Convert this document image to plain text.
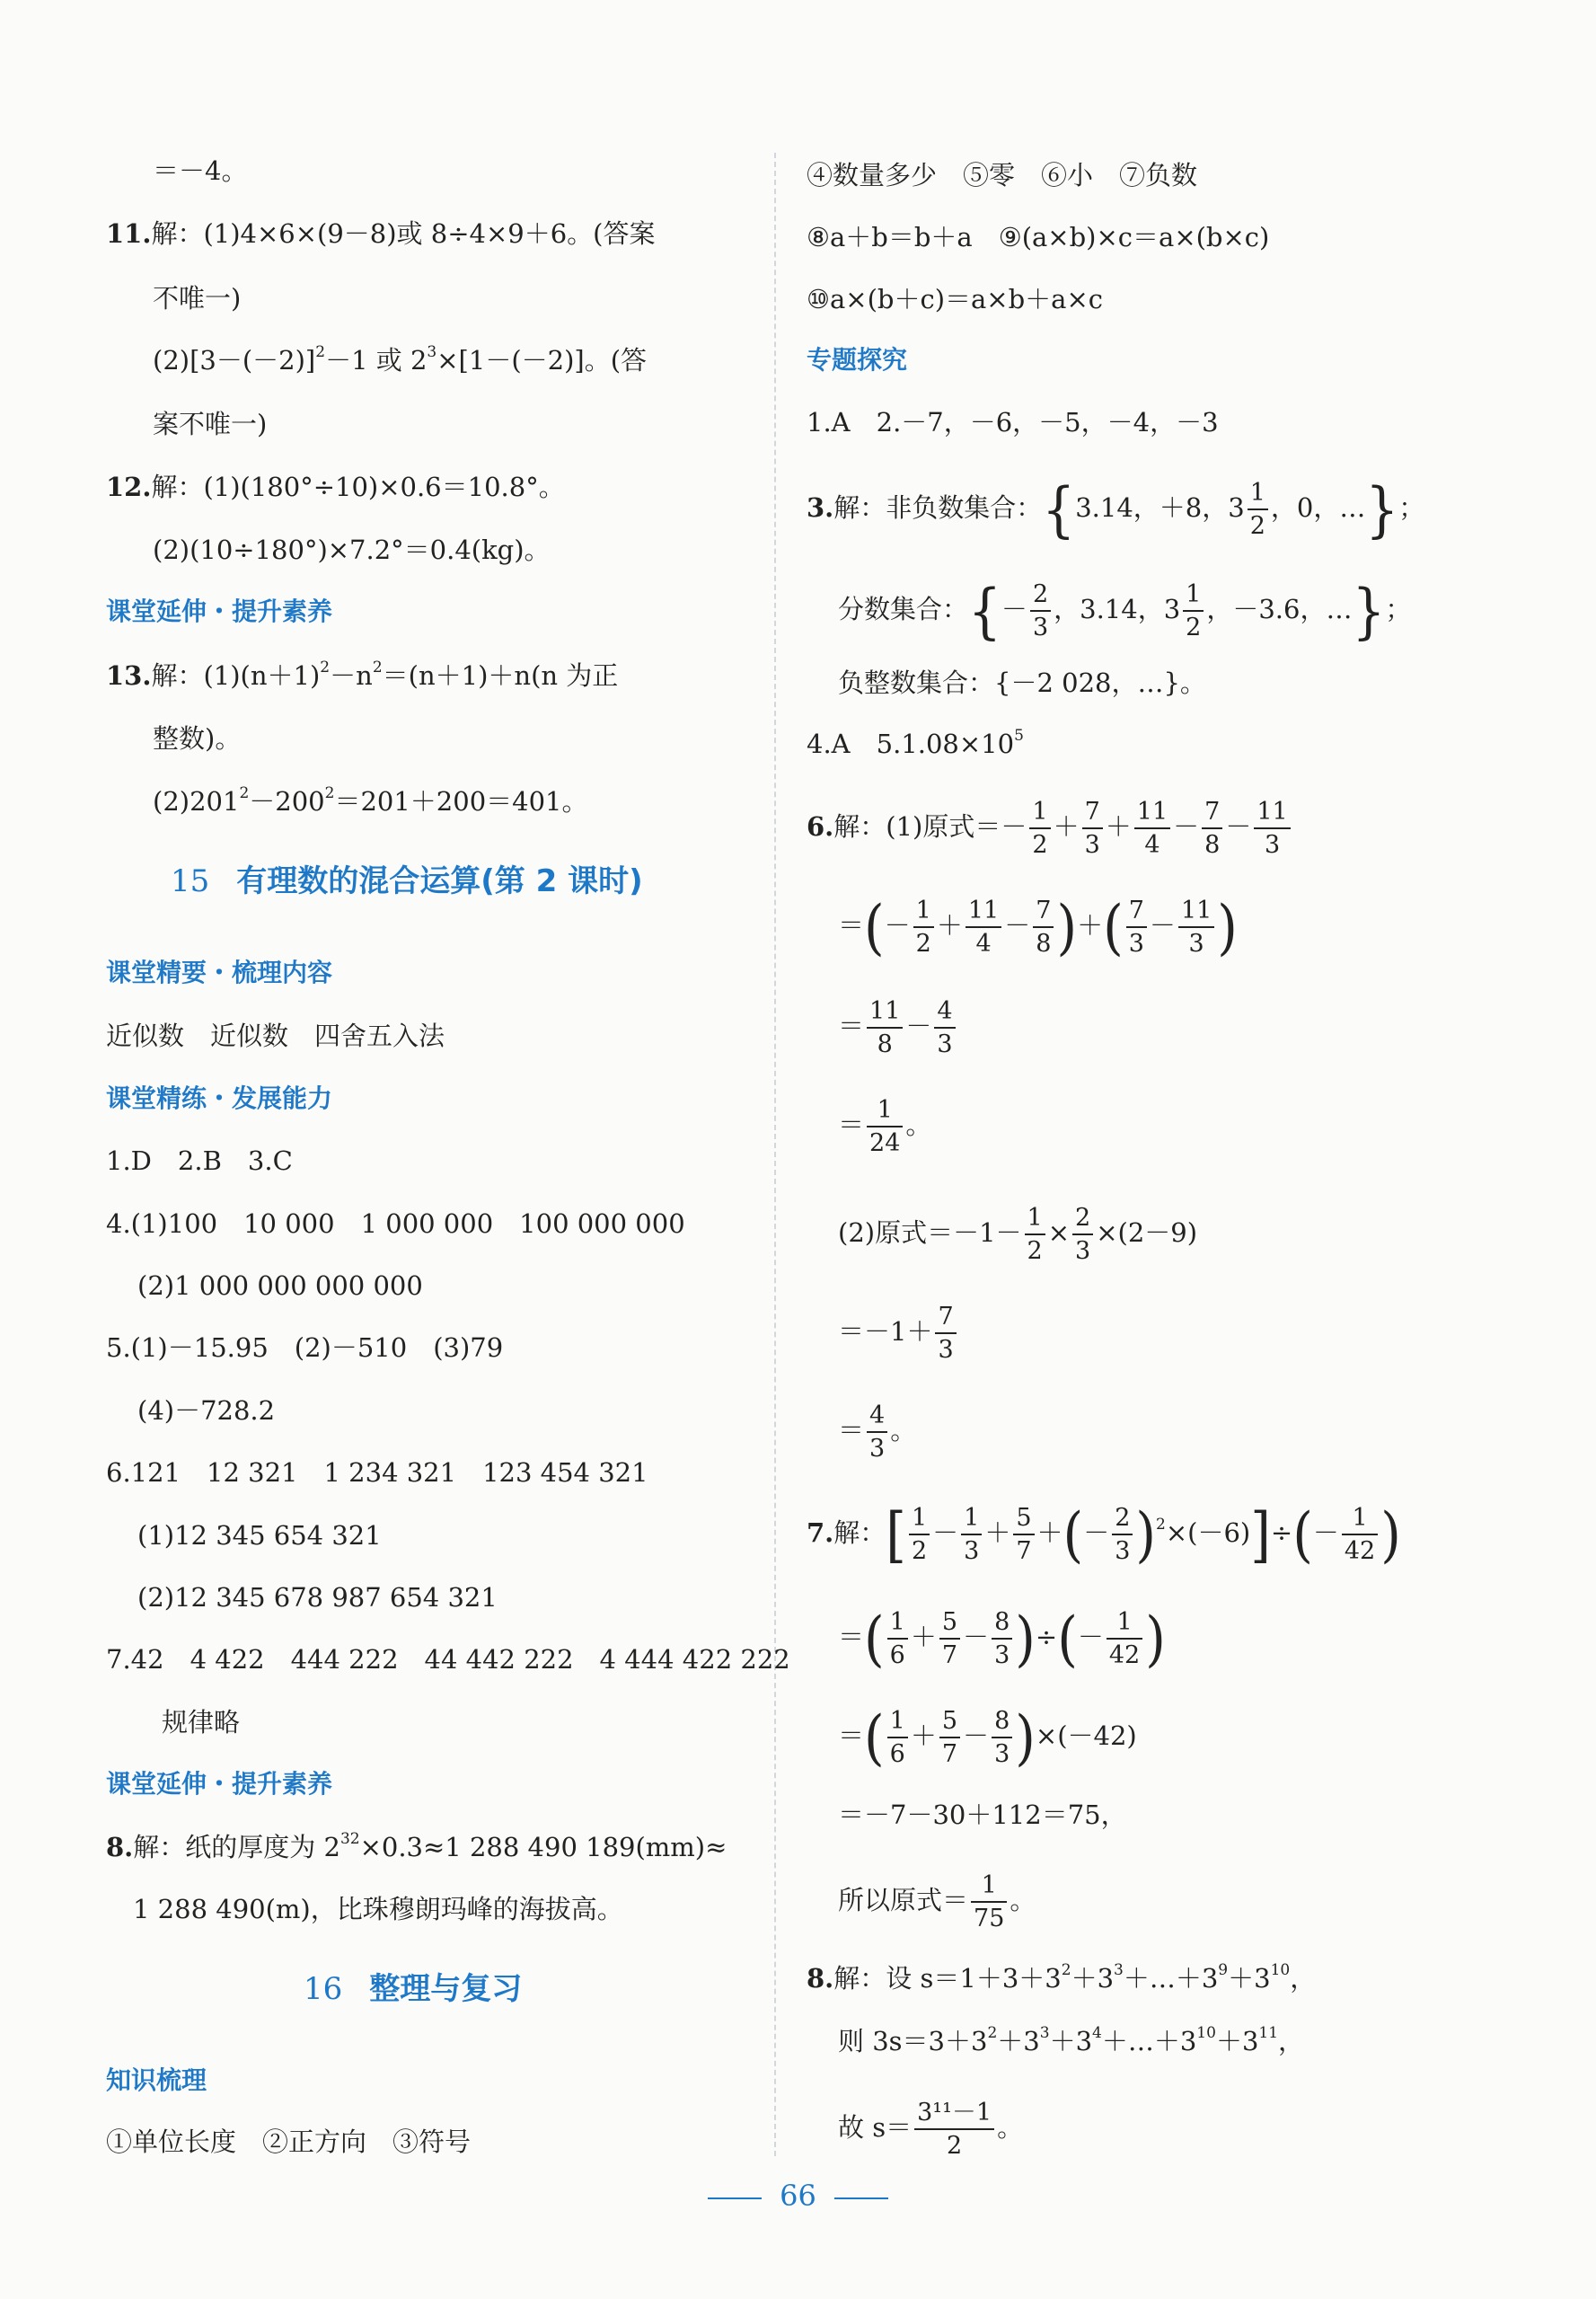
＝－4。
11.解：(1)4×6×(9－8)或 8÷4×9＋6。(答案
不唯一)
$(2)[3-(-2)]^2-1$ 或 $2^3\times[1-(-2)]$。(答
案不唯一)
12.解：(1)(180°÷10)×0.6＝10.8°。
(2)(10÷180°)×7.2°＝0.4(kg)。
课堂延伸・提升素养
13.解：$(1)(n+1)^2-n^2=(n+1)+n(n$ 为正
整数)。
$(2)201^2-200^2=201+200=401$。
15 有理数的混合运算(第 2 课时)
课堂精要・梳理内容
近似数　近似数　四舍五入法
课堂精练・发展能力
1.D　2.B　3.C
4.(1)100　10 000　1 000 000　100 000 000
(2)1 000 000 000 000
5.(1)－15.95　(2)－510　(3)79
(4)－728.2
6.121　12 321　1 234 321　123 454 321
(1)12 345 654 321
(2)12 345 678 987 654 321
7.42　4 422　444 222　44 442 222　4 444 422 222
规律略
课堂延伸・提升素养
8.解：纸的厚度为 $2^{32}\times 0.3\approx 1$ 288 490 189(mm)≈
1 288 490(m)，比珠穆朗玛峰的海拔高。
16 整理与复习
知识梳理
①单位长度　②正方向　③符号
④数量多少　⑤零　⑥小　⑦负数
⑧a＋b＝b＋a　⑨(a×b)×c＝a×(b×c)
⑩a×(b＋c)＝a×b＋a×c
专题探究
1.A　2.－7，－6，－5，－4，－3
3.解：非负数集合：{3.14，＋8，$3 \frac{1}{2}$ ，0，…}；
分数集合：{－ $\frac{2}{3}$ ，3.14，$3 \frac{1}{2}$ ，－3.6，…}；
负整数集合：{－2 028，…}。
4.A　$5.1.08\times 10^5$
6.解：(1)原式＝－ $\frac{1}{2} + \frac{7}{3} + \frac{11}{4} - \frac{7}{8} - \frac{11}{3}$
＝(－ $\frac{1}{2} + \frac{11}{4} - \frac{7}{8}$ )＋( $\frac{7}{3} - \frac{11}{3}$ )
＝ $\frac{11}{8} - \frac{4}{3}$
＝ $\frac{1}{24}$ 。
(2)原式$=-1- \frac{1}{2} \times \frac{2}{3} \times(2-9)$
$=-1+ \frac{7}{3}$
＝ $\frac{4}{3}$ 。
7.解：[ $\frac{1}{2} - \frac{1}{3} + \frac{5}{7}$ ＋(－ $\frac{2}{3} )^2\times(-6)]\div(- \frac{1}{42}$ )
＝( $\frac{1}{6} + \frac{5}{7} - \frac{8}{3}$ )÷(－ $\frac{1}{42}$ )
＝( $\frac{1}{6} + \frac{5}{7} - \frac{8}{3} )\times(-42)$
＝－7－30＋112＝75，
所以原式＝ $\frac{1}{75}$ 。
8.解：设 $s=1+3+3^2+3^3+\dots+3^9+3^{10}$，
则 $3s=3+3^2+3^3+3^4+\dots+3^{10}+3^{11}$，
故 $s= \frac{\text{3¹¹－1}}{2}$ 。
66
